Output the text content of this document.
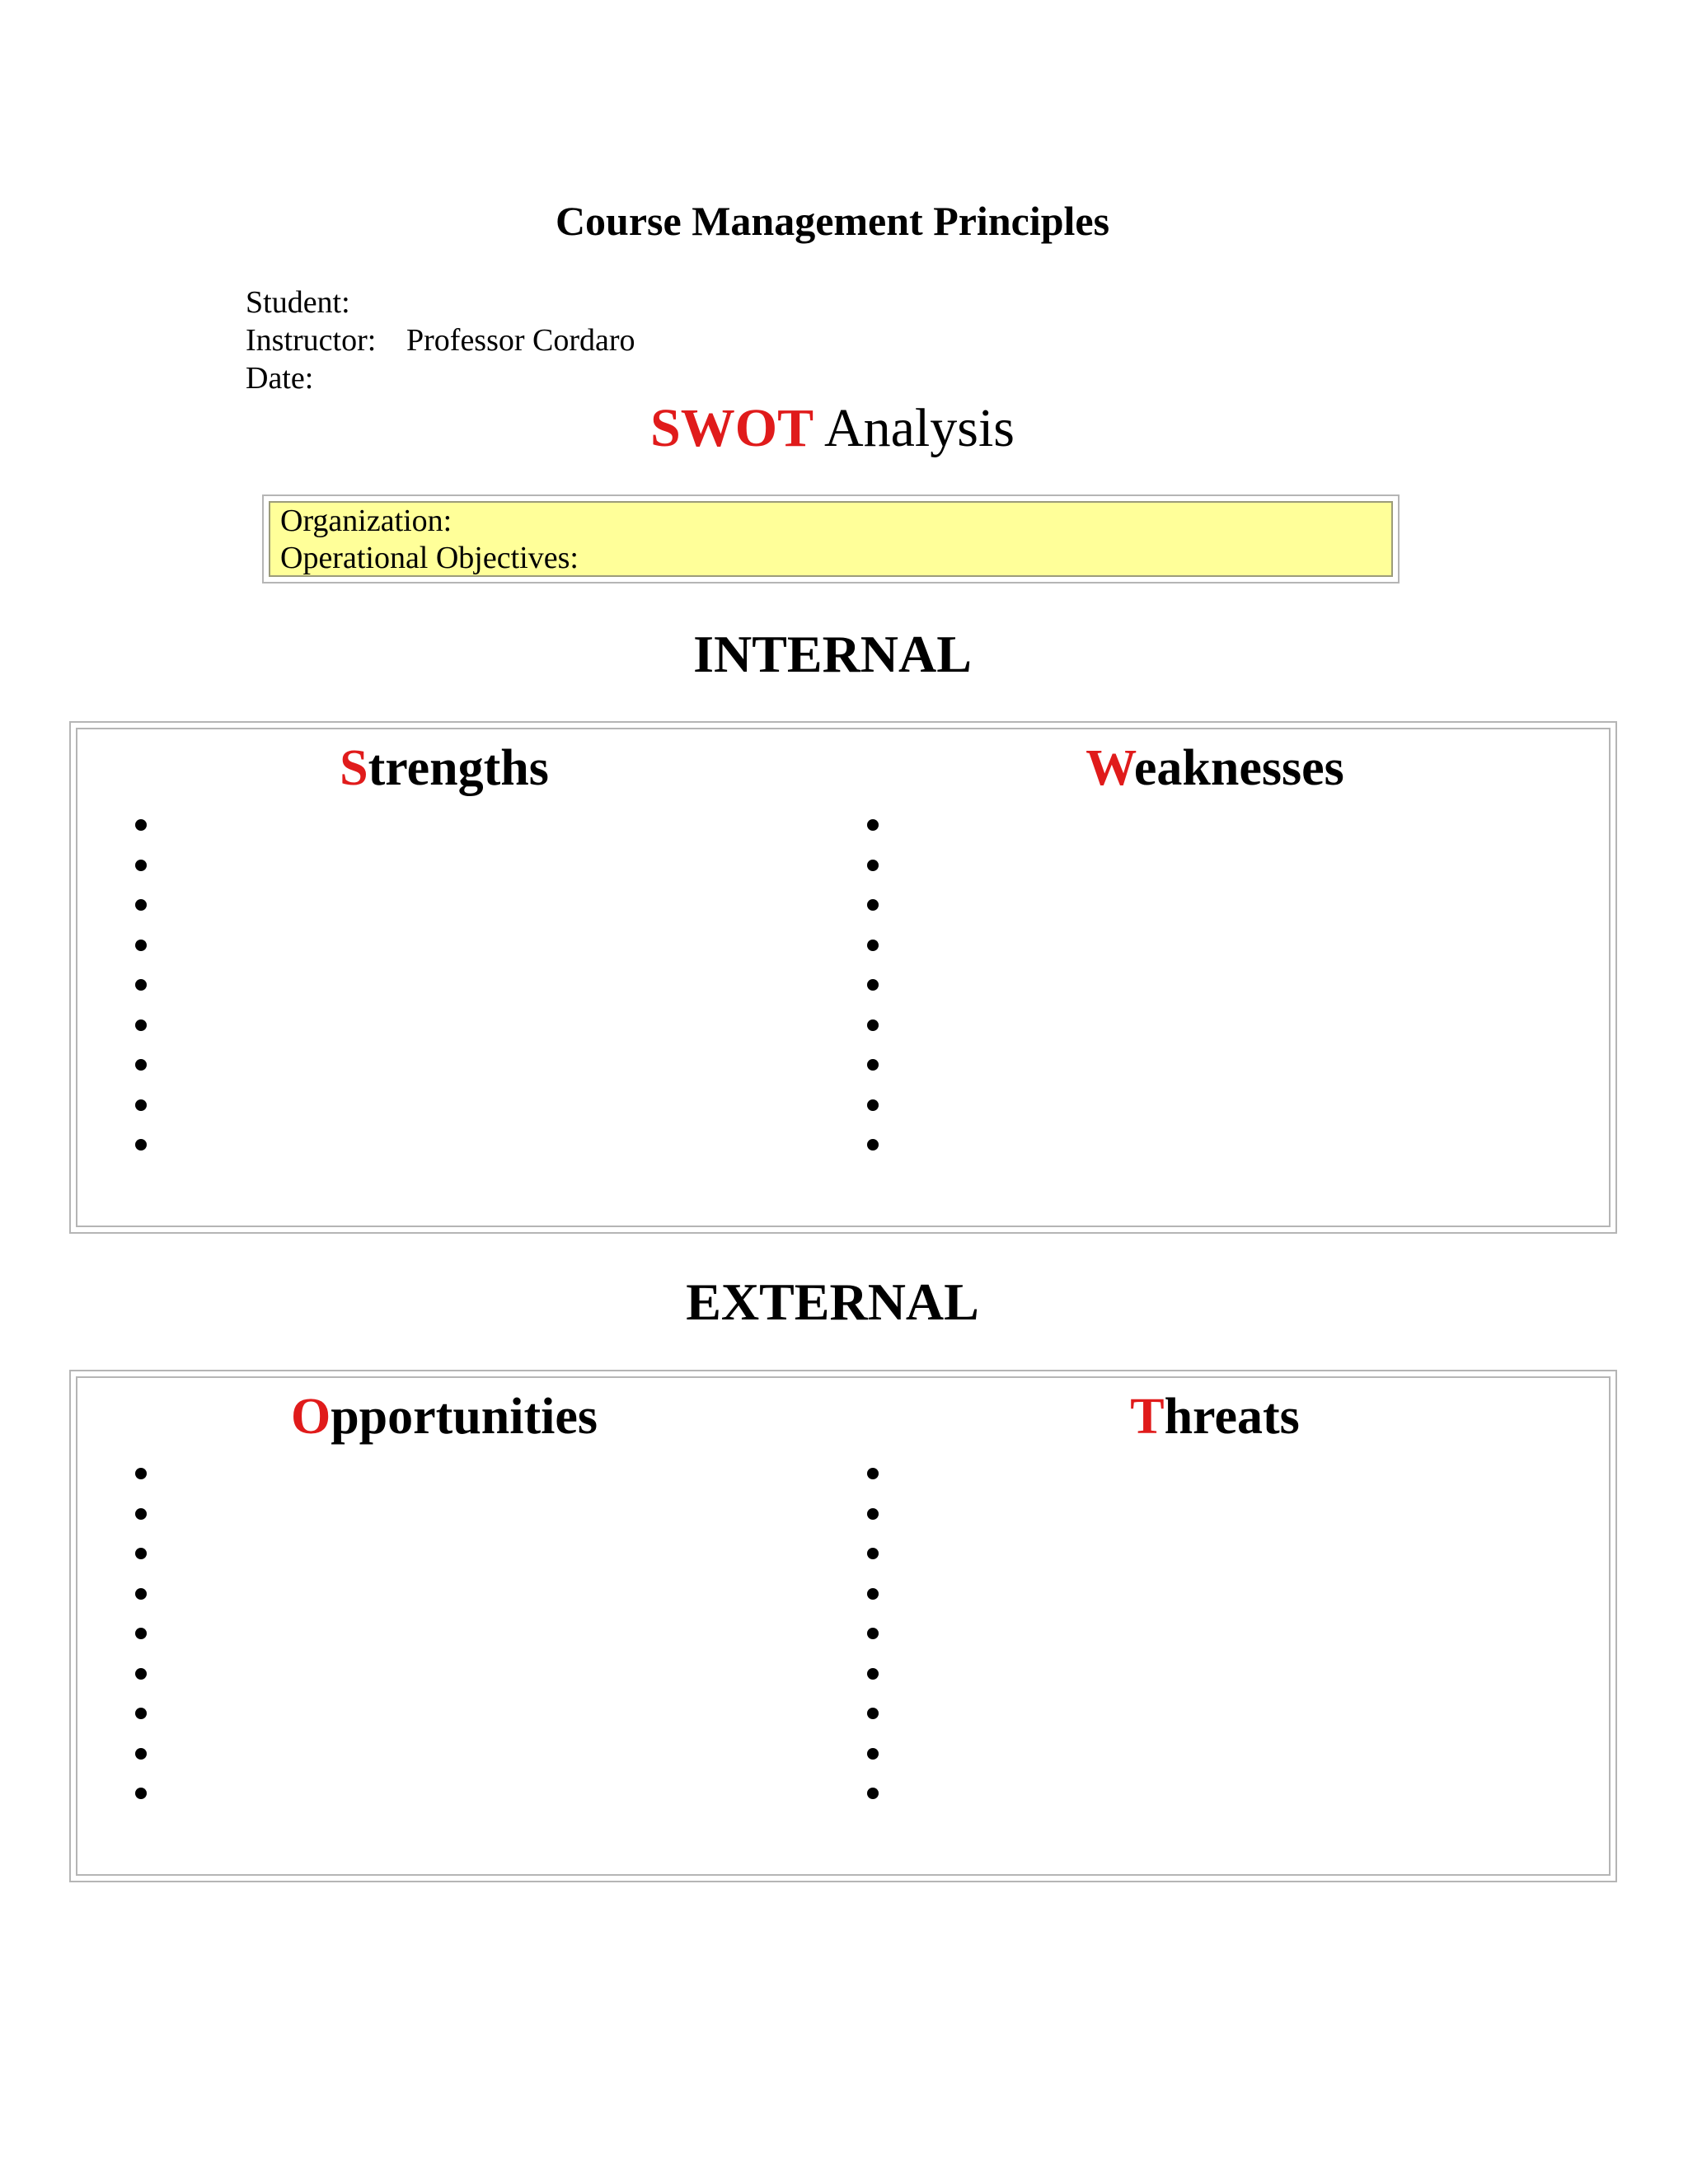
Course Management Principles
Student:
Instructor: Professor Cordaro
Date:
SWOT Analysis
Organization:
Operational Objectives:
INTERNAL
Strengths	Weaknesses
EXTERNAL
Opportunities	Threats
